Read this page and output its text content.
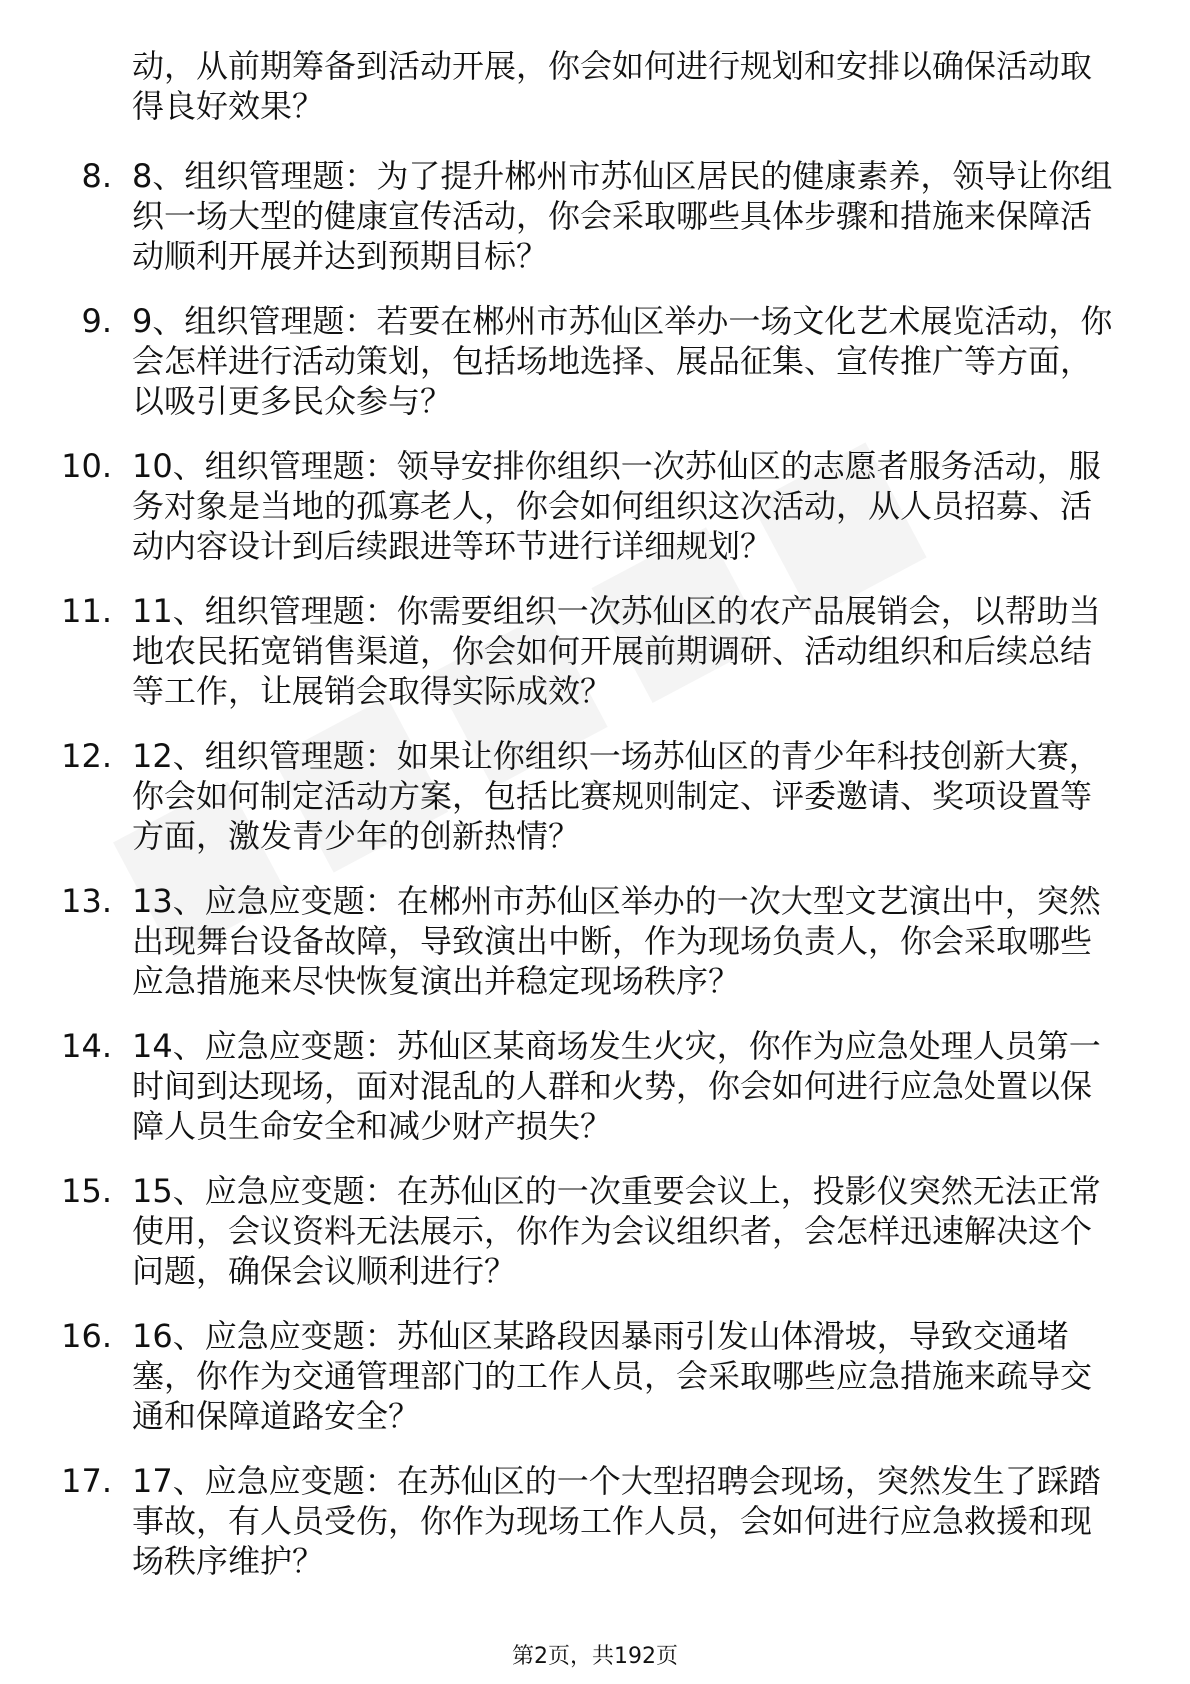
动，从前期筹备到活动开展，你会如何进行规划和安排以确保活动取得良好效果？
8. 8、组织管理题：为了提升郴州市苏仙区居民的健康素养，领导让你组织一场大型的健康宣传活动，你会采取哪些具体步骤和措施来保障活动顺利开展并达到预期目标？
9. 9、组织管理题：若要在郴州市苏仙区举办一场文化艺术展览活动，你会怎样进行活动策划，包括场地选择、展品征集、宣传推广等方面，以吸引更多民众参与？
10. 10、组织管理题：领导安排你组织一次苏仙区的志愿者服务活动，服务对象是当地的孤寡老人，你会如何组织这次活动，从人员招募、活动内容设计到后续跟进等环节进行详细规划？
11. 11、组织管理题：你需要组织一次苏仙区的农产品展销会，以帮助当地农民拓宽销售渠道，你会如何开展前期调研、活动组织和后续总结等工作，让展销会取得实际成效？
12. 12、组织管理题：如果让你组织一场苏仙区的青少年科技创新大赛，你会如何制定活动方案，包括比赛规则制定、评委邀请、奖项设置等方面，激发青少年的创新热情？
13. 13、应急应变题：在郴州市苏仙区举办的一次大型文艺演出中，突然出现舞台设备故障，导致演出中断，作为现场负责人，你会采取哪些应急措施来尽快恢复演出并稳定现场秩序？
14. 14、应急应变题：苏仙区某商场发生火灾，你作为应急处理人员第一时间到达现场，面对混乱的人群和火势，你会如何进行应急处置以保障人员生命安全和减少财产损失？
15. 15、应急应变题：在苏仙区的一次重要会议上，投影仪突然无法正常使用，会议资料无法展示，你作为会议组织者，会怎样迅速解决这个问题，确保会议顺利进行？
16. 16、应急应变题：苏仙区某路段因暴雨引发山体滑坡，导致交通堵塞，你作为交通管理部门的工作人员，会采取哪些应急措施来疏导交通和保障道路安全？
17. 17、应急应变题：在苏仙区的一个大型招聘会现场，突然发生了踩踏事故，有人员受伤，你作为现场工作人员，会如何进行应急救援和现场秩序维护？
第2页，共192页
